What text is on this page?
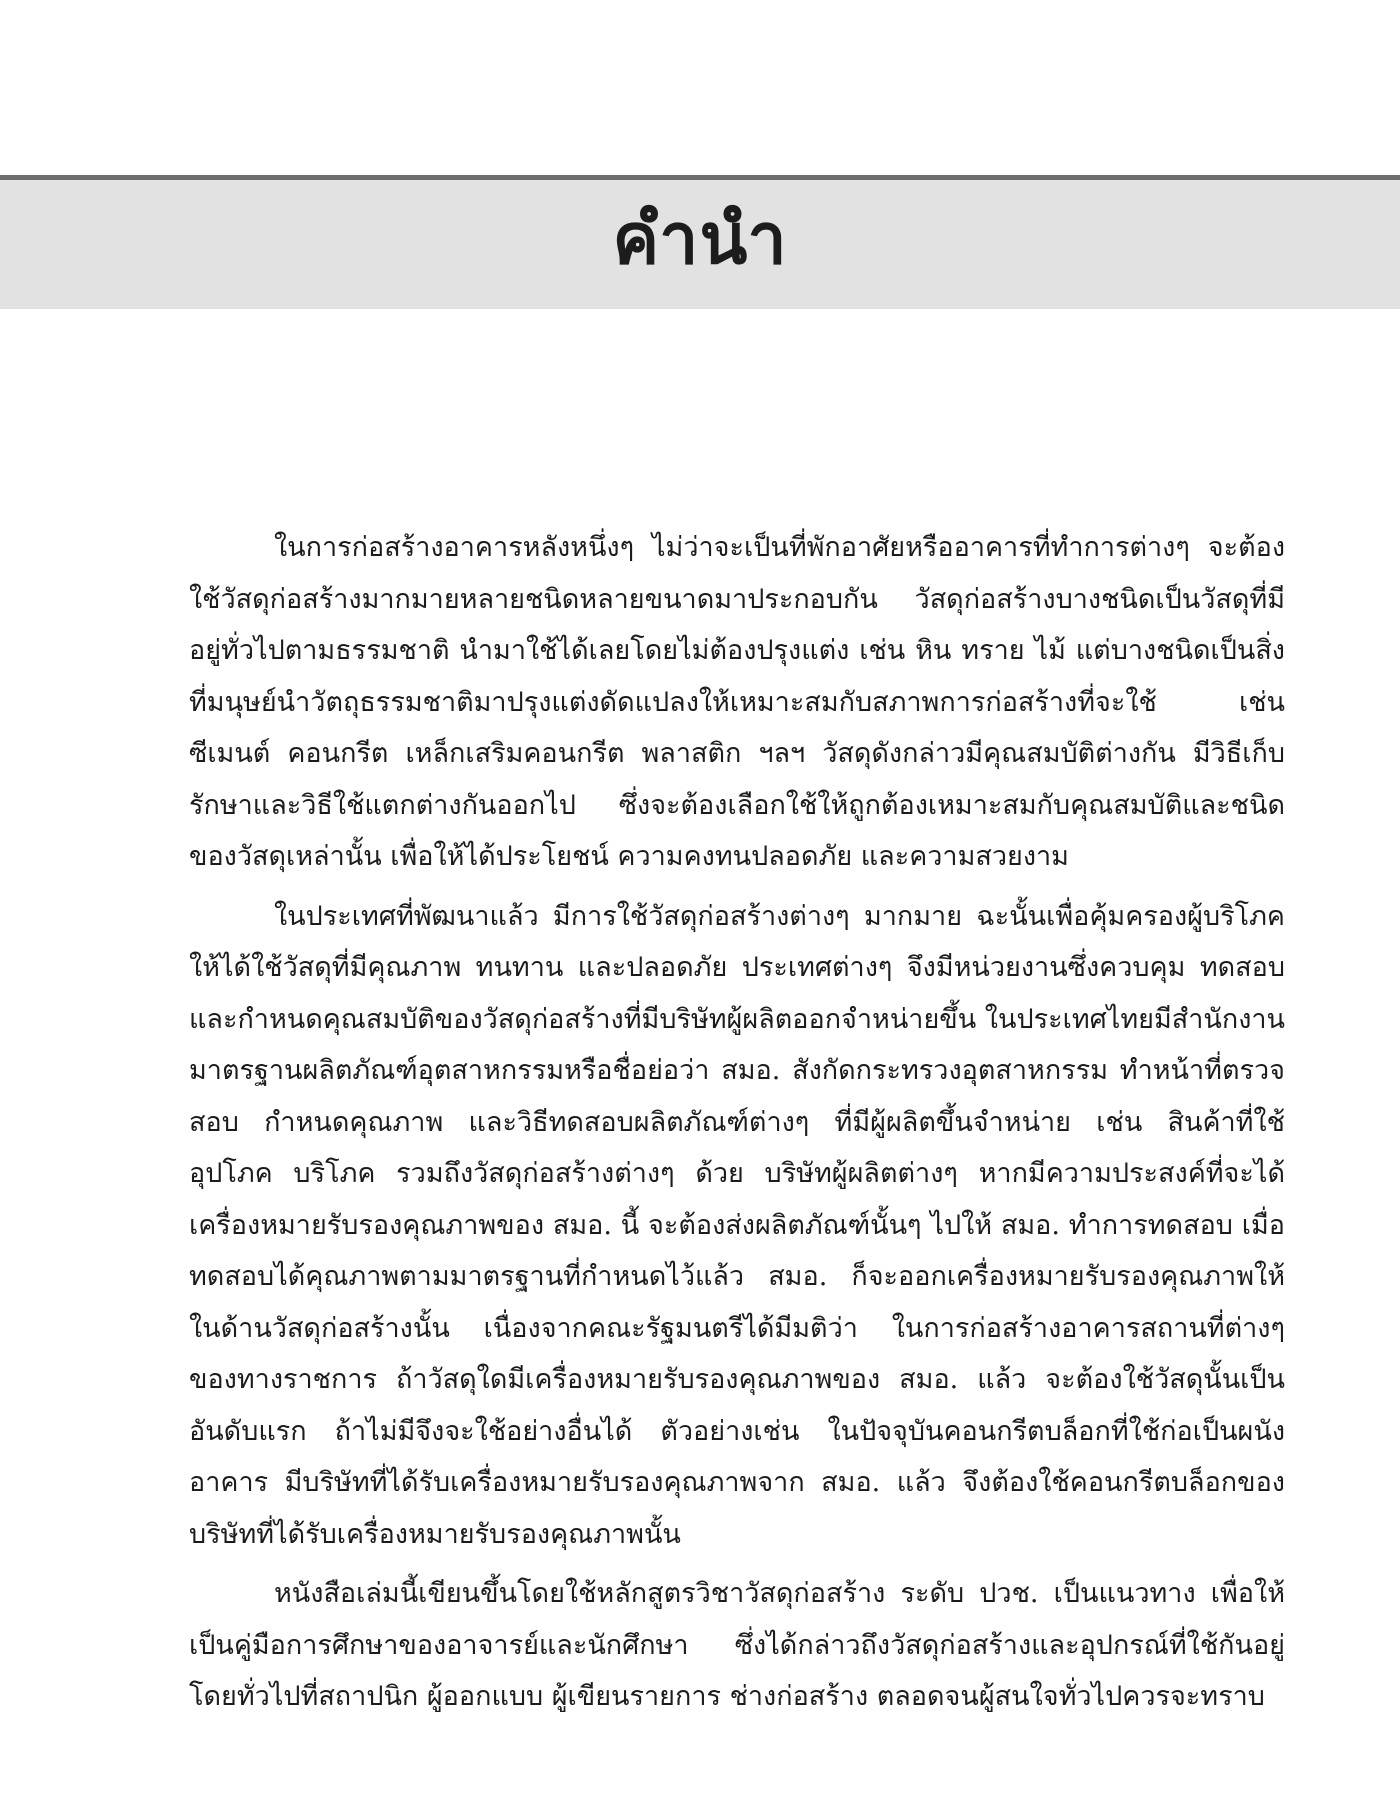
คำนำ

ในการก่อสร้างอาคารหลังหนึ่งๆ ไม่ว่าจะเป็นที่พักอาศัยหรืออาคารที่ทำการต่างๆ จะต้องใช้วัสดุก่อสร้างมากมายหลายชนิดหลายขนาดมาประกอบกัน วัสดุก่อสร้างบางชนิดเป็นวัสดุที่มีอยู่ทั่วไปตามธรรมชาติ นำมาใช้ได้เลยโดยไม่ต้องปรุงแต่ง เช่น หิน ทราย ไม้ แต่บางชนิดเป็นสิ่งที่มนุษย์นำวัตถุธรรมชาติมาปรุงแต่งดัดแปลงให้เหมาะสมกับสภาพการก่อสร้างที่จะใช้ เช่น ซีเมนต์ คอนกรีต เหล็กเสริมคอนกรีต พลาสติก ฯลฯ วัสดุดังกล่าวมีคุณสมบัติต่างกัน มีวิธีเก็บรักษาและวิธีใช้แตกต่างกันออกไป ซึ่งจะต้องเลือกใช้ให้ถูกต้องเหมาะสมกับคุณสมบัติและชนิดของวัสดุเหล่านั้น เพื่อให้ได้ประโยชน์ ความคงทนปลอดภัย และความสวยงาม

ในประเทศที่พัฒนาแล้ว มีการใช้วัสดุก่อสร้างต่างๆ มากมาย ฉะนั้นเพื่อคุ้มครองผู้บริโภคให้ได้ใช้วัสดุที่มีคุณภาพ ทนทาน และปลอดภัย ประเทศต่างๆ จึงมีหน่วยงานซึ่งควบคุม ทดสอบ และกำหนดคุณสมบัติของวัสดุก่อสร้างที่มีบริษัทผู้ผลิตออกจำหน่ายขึ้น ในประเทศไทยมีสำนักงานมาตรฐานผลิตภัณฑ์อุตสาหกรรมหรือชื่อย่อว่า สมอ. สังกัดกระทรวงอุตสาหกรรม ทำหน้าที่ตรวจสอบ กำหนดคุณภาพ และวิธีทดสอบผลิตภัณฑ์ต่างๆ ที่มีผู้ผลิตขึ้นจำหน่าย เช่น สินค้าที่ใช้อุปโภค บริโภค รวมถึงวัสดุก่อสร้างต่างๆ ด้วย บริษัทผู้ผลิตต่างๆ หากมีความประสงค์ที่จะได้เครื่องหมายรับรองคุณภาพของ สมอ. นี้ จะต้องส่งผลิตภัณฑ์นั้นๆ ไปให้ สมอ. ทำการทดสอบ เมื่อทดสอบได้คุณภาพตามมาตรฐานที่กำหนดไว้แล้ว สมอ. ก็จะออกเครื่องหมายรับรองคุณภาพให้ในด้านวัสดุก่อสร้างนั้น เนื่องจากคณะรัฐมนตรีได้มีมติว่า ในการก่อสร้างอาคารสถานที่ต่างๆ ของทางราชการ ถ้าวัสดุใดมีเครื่องหมายรับรองคุณภาพของ สมอ. แล้ว จะต้องใช้วัสดุนั้นเป็นอันดับแรก ถ้าไม่มีจึงจะใช้อย่างอื่นได้ ตัวอย่างเช่น ในปัจจุบันคอนกรีตบล็อกที่ใช้ก่อเป็นผนังอาคาร มีบริษัทที่ได้รับเครื่องหมายรับรองคุณภาพจาก สมอ. แล้ว จึงต้องใช้คอนกรีตบล็อกของบริษัทที่ได้รับเครื่องหมายรับรองคุณภาพนั้น

หนังสือเล่มนี้เขียนขึ้นโดยใช้หลักสูตรวิชาวัสดุก่อสร้าง ระดับ ปวช. เป็นแนวทาง เพื่อให้เป็นคู่มือการศึกษาของอาจารย์และนักศึกษา ซึ่งได้กล่าวถึงวัสดุก่อสร้างและอุปกรณ์ที่ใช้กันอยู่โดยทั่วไปที่สถาปนิก ผู้ออกแบบ ผู้เขียนรายการ ช่างก่อสร้าง ตลอดจนผู้สนใจทั่วไปควรจะทราบ
